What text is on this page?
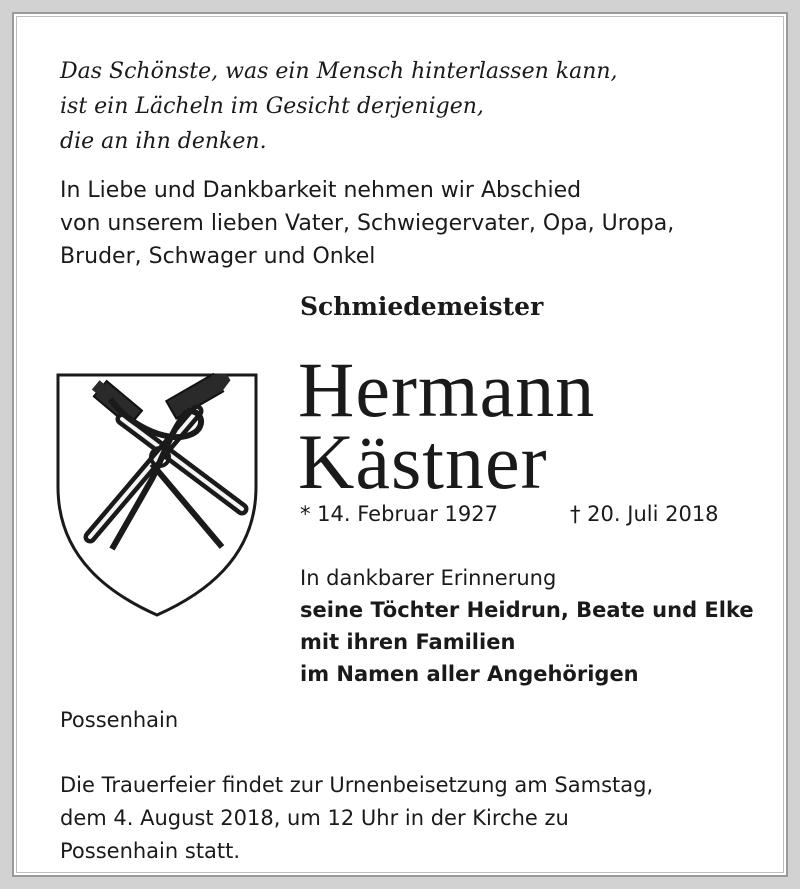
Das Schönste, was ein Mensch hinterlassen kann,
ist ein Lächeln im Gesicht derjenigen,
die an ihn denken.
In Liebe und Dankbarkeit nehmen wir Abschied
von unserem lieben Vater, Schwiegervater, Opa, Uropa,
Bruder, Schwager und Onkel
Schmiedemeister
Hermann
Kästner
* 14. Februar 1927	† 20. Juli 2018
In dankbarer Erinnerung
seine Töchter Heidrun, Beate und Elke
mit ihren Familien
im Namen aller Angehörigen
Possenhain
Die Trauerfeier findet zur Urnenbeisetzung am Samstag,
dem 4. August 2018, um 12 Uhr in der Kirche zu
Possenhain statt.
